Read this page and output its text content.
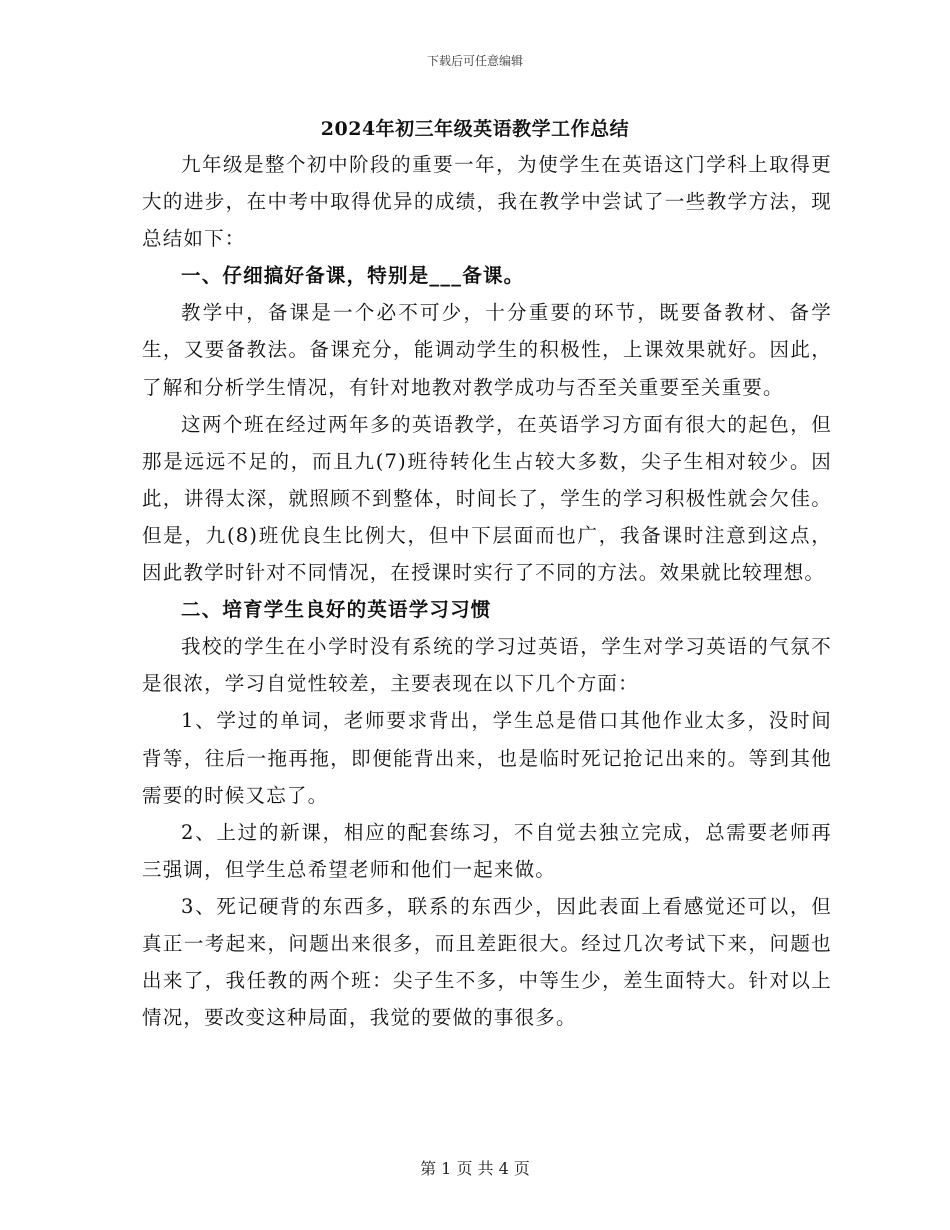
下载后可任意编辑
2024年初三年级英语教学工作总结

九年级是整个初中阶段的重要一年，为使学生在英语这门学科上取得更大的进步，在中考中取得优异的成绩，我在教学中尝试了一些教学方法，现总结如下：

一、仔细搞好备课，特别是___备课。

教学中，备课是一个必不可少，十分重要的环节，既要备教材、备学生，又要备教法。备课充分，能调动学生的积极性，上课效果就好。因此，了解和分析学生情况，有针对地教对教学成功与否至关重要至关重要。

这两个班在经过两年多的英语教学，在英语学习方面有很大的起色，但那是远远不足的，而且九(7)班待转化生占较大多数，尖子生相对较少。因此，讲得太深，就照顾不到整体，时间长了，学生的学习积极性就会欠佳。但是，九(8)班优良生比例大，但中下层面而也广，我备课时注意到这点，因此教学时针对不同情况，在授课时实行了不同的方法。效果就比较理想。

二、培育学生良好的英语学习习惯

我校的学生在小学时没有系统的学习过英语，学生对学习英语的气氛不是很浓，学习自觉性较差，主要表现在以下几个方面：

1、学过的单词，老师要求背出，学生总是借口其他作业太多，没时间背等，往后一拖再拖，即便能背出来，也是临时死记抢记出来的。等到其他需要的时候又忘了。

2、上过的新课，相应的配套练习，不自觉去独立完成，总需要老师再三强调，但学生总希望老师和他们一起来做。

3、死记硬背的东西多，联系的东西少，因此表面上看感觉还可以，但真正一考起来，问题出来很多，而且差距很大。经过几次考试下来，问题也出来了，我任教的两个班：尖子生不多，中等生少，差生面特大。针对以上情况，要改变这种局面，我觉的要做的事很多。

第 1 页 共 4 页
